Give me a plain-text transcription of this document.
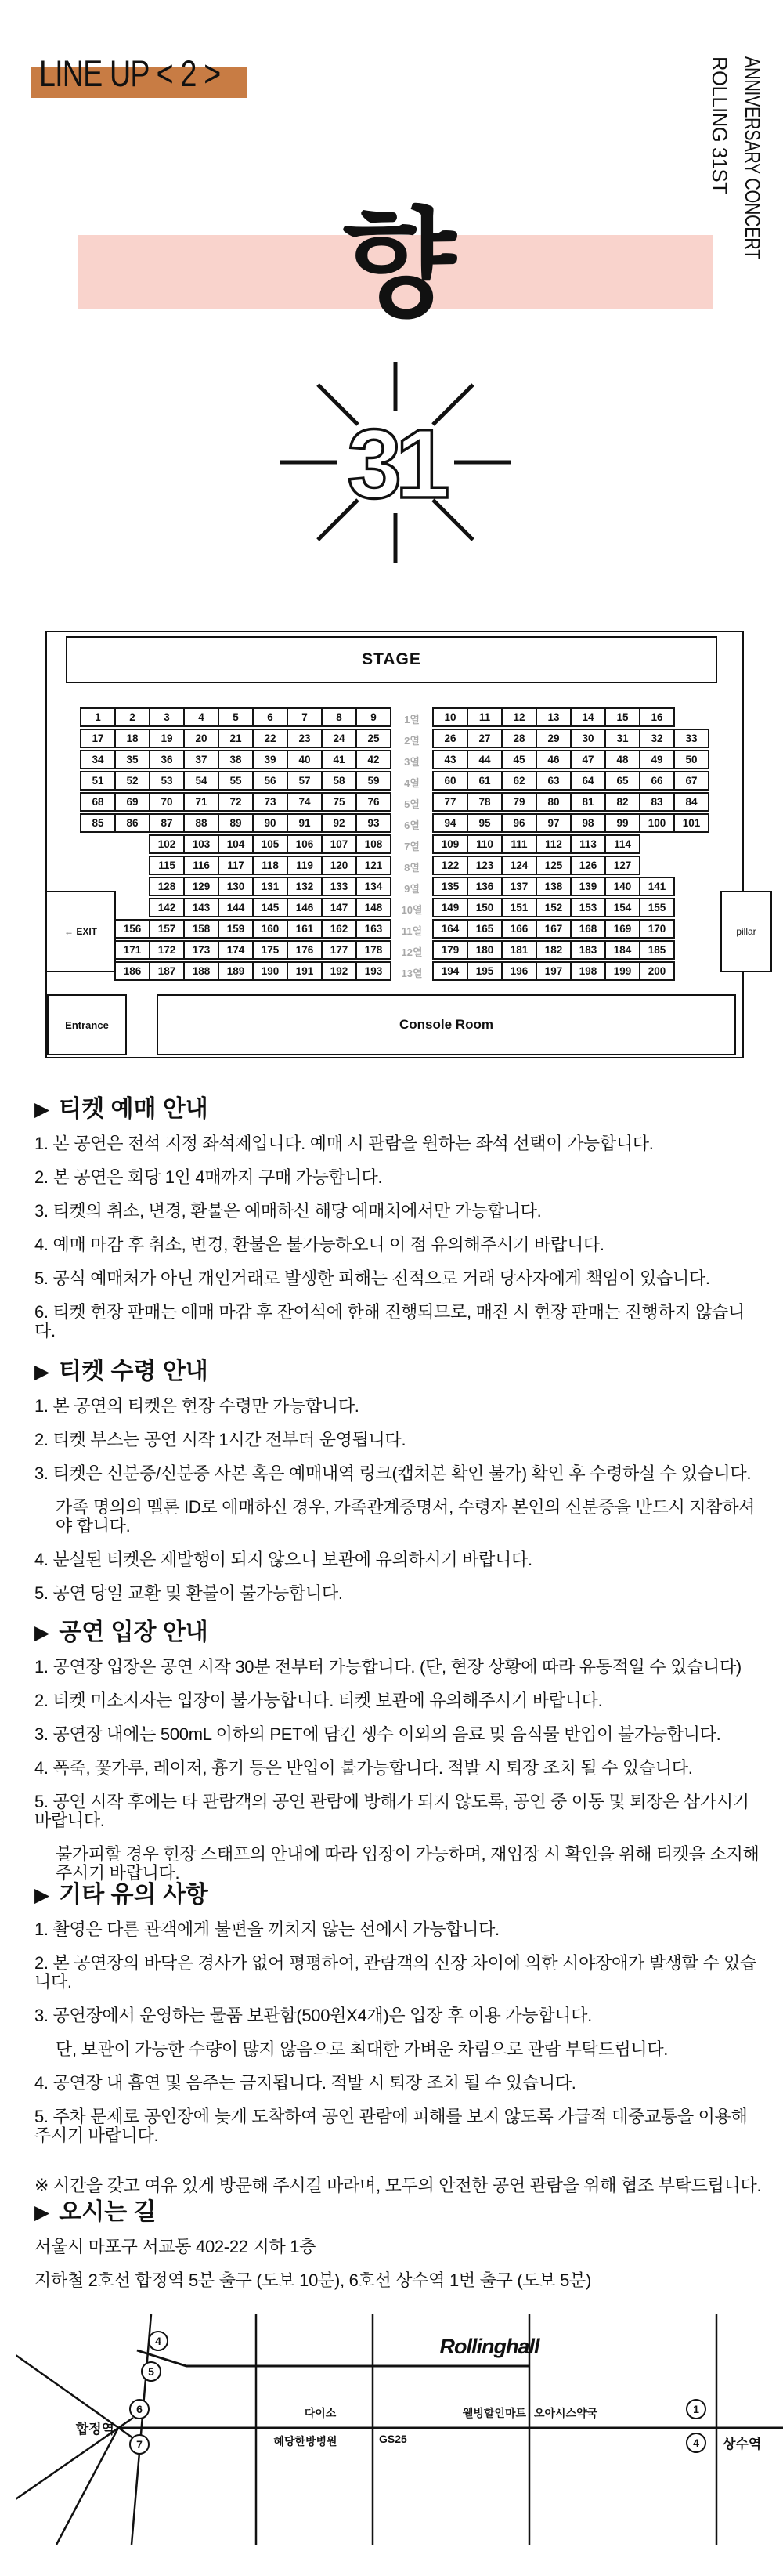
LINE UP < 2 >	ROLLING 31ST ANNIVERSARY CONCERT
향
31
STAGE
1	2	3	4	5	6	7	8	9	10	11	12	13	14	15	16
1열
17	18	19	20	21	22	23	24	25	26	27	28	29	30	31	32	33
2열
34	35	36	37	38	39	40	41	42	43	44	45	46	47	48	49	50
3열
51	52	53	54	55	56	57	58	59	60	61	62	63	64	65	66	67
4열
68	69	70	71	72	73	74	75	76	77	78	79	80	81	82	83	84
5열
85	86	87	88	89	90	91	92	93	94	95	96	97	98	99	100	101
6열
102	103	104	105	106	107	108	109	110	111	112	113	114
7열
115	116	117	118	119	120	121	122	123	124	125	126	127
8열
128	129	130	131	132	133	134	135	136	137	138	139	140	141
9열
142	143	144	145	146	147	148	149	150	151	152	153	154	155
10열
156	157	158	159	160	161	162	163	164	165	166	167	168	169	170
11열
171	172	173	174	175	176	177	178	179	180	181	182	183	184	185
12열
186	187	188	189	190	191	192	193	194	195	196	197	198	199	200
13열
← EXIT	pillar
Entrance	Console Room
▶ 티켓 예매 안내

1. 본 공연은 전석 지정 좌석제입니다. 예매 시 관람을 원하는 좌석 선택이 가능합니다.

2. 본 공연은 회당 1인 4매까지 구매 가능합니다.

3. 티켓의 취소, 변경, 환불은 예매하신 해당 예매처에서만 가능합니다.

4. 예매 마감 후 취소, 변경, 환불은 불가능하오니 이 점 유의해주시기 바랍니다.

5. 공식 예매처가 아닌 개인거래로 발생한 피해는 전적으로 거래 당사자에게 책임이 있습니다.

6. 티켓 현장 판매는 예매 마감 후 잔여석에 한해 진행되므로, 매진 시 현장 판매는 진행하지 않습니다.

▶ 티켓 수령 안내

1. 본 공연의 티켓은 현장 수령만 가능합니다.

2. 티켓 부스는 공연 시작 1시간 전부터 운영됩니다.

3. 티켓은 신분증/신분증 사본 혹은 예매내역 링크(캡쳐본 확인 불가) 확인 후 수령하실 수 있습니다.

가족 명의의 멜론 ID로 예매하신 경우, 가족관계증명서, 수령자 본인의 신분증을 반드시 지참하셔야 합니다.

4. 분실된 티켓은 재발행이 되지 않으니 보관에 유의하시기 바랍니다.

5. 공연 당일 교환 및 환불이 불가능합니다.

▶ 공연 입장 안내

1. 공연장 입장은 공연 시작 30분 전부터 가능합니다. (단, 현장 상황에 따라 유동적일 수 있습니다)

2. 티켓 미소지자는 입장이 불가능합니다. 티켓 보관에 유의해주시기 바랍니다.

3. 공연장 내에는 500mL 이하의 PET에 담긴 생수 이외의 음료 및 음식물 반입이 불가능합니다.

4. 폭죽, 꽃가루, 레이저, 흉기 등은 반입이 불가능합니다. 적발 시 퇴장 조치 될 수 있습니다.

5. 공연 시작 후에는 타 관람객의 공연 관람에 방해가 되지 않도록, 공연 중 이동 및 퇴장은 삼가시기 바랍니다.

불가피할 경우 현장 스태프의 안내에 따라 입장이 가능하며, 재입장 시 확인을 위해 티켓을 소지해주시기 바랍니다.

▶ 기타 유의 사항

1. 촬영은 다른 관객에게 불편을 끼치지 않는 선에서 가능합니다.

2. 본 공연장의 바닥은 경사가 없어 평평하여, 관람객의 신장 차이에 의한 시야장애가 발생할 수 있습니다.

3. 공연장에서 운영하는 물품 보관함(500원X4개)은 입장 후 이용 가능합니다.

단, 보관이 가능한 수량이 많지 않음으로 최대한 가벼운 차림으로 관람 부탁드립니다.

4. 공연장 내 흡연 및 음주는 금지됩니다. 적발 시 퇴장 조치 될 수 있습니다.

5. 주차 문제로 공연장에 늦게 도착하여 공연 관람에 피해를 보지 않도록 가급적 대중교통을 이용해주시기 바랍니다.

※ 시간을 갖고 여유 있게 방문해 주시길 바라며, 모두의 안전한 공연 관람을 위해 협조 부탁드립니다.

▶ 오시는 길

서울시 마포구 서교동 402-22 지하 1층

지하철 2호선 합정역 5분 출구 (도보 10분), 6호선 상수역 1번 출구 (도보 5분)

4
5
6
7
1
4
Rollinghall
합정역
상수역
다이소	웰빙할인마트 오아시스약국
혜당한방병원	GS25
